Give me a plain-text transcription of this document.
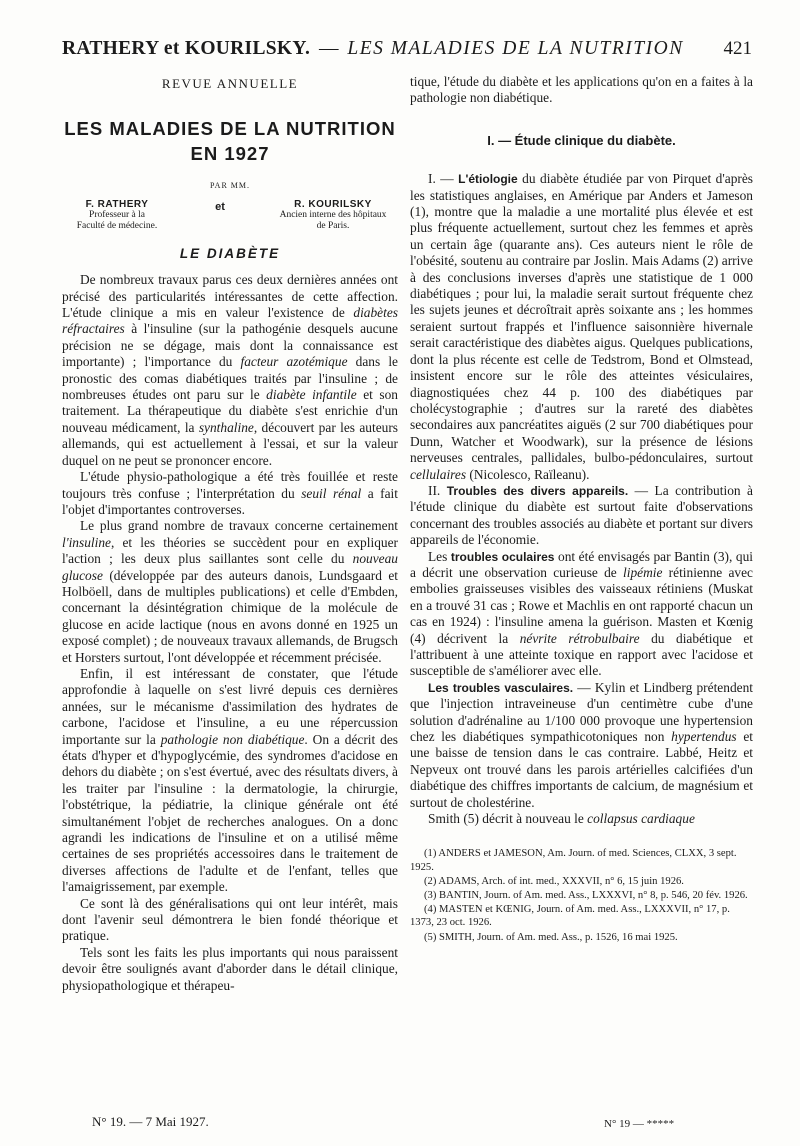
RATHERY et KOURILSKY. — LES MALADIES DE LA NUTRITION 421
REVUE ANNUELLE
LES MALADIES DE LA NUTRITION EN 1927
PAR MM.
F. RATHERY
Professeur à la
Faculté de médecine.
et	R. KOURILSKY
Ancien interne des hôpitaux
de Paris.
LE DIABÈTE

De nombreux travaux parus ces deux dernières années ont précisé des particularités intéressantes de cette affection. L'étude clinique a mis en valeur l'existence de diabètes réfractaires à l'insuline (sur la pathogénie desquels aucune précision ne se dégage, mais dont la connaissance est importante) ; l'importance du facteur azotémique dans le pronostic des comas diabétiques traités par l'insuline ; de nombreuses études ont paru sur le diabète infantile et son traitement. La thérapeutique du diabète s'est enrichie d'un nouveau médicament, la synthaline, découvert par les auteurs allemands, qui est actuellement à l'essai, et sur la valeur duquel on ne peut se prononcer encore.

L'étude physio-pathologique a été très fouillée et reste toujours très confuse ; l'interprétation du seuil rénal a fait l'objet d'importantes controverses.

Le plus grand nombre de travaux concerne certainement l'insuline, et les théories se succèdent pour en expliquer l'action ; les deux plus saillantes sont celle du nouveau glucose (développée par des auteurs danois, Lundsgaard et Holböell, dans de multiples publications) et celle d'Embden, concernant la désintégration chimique de la molécule de glucose en acide lactique (nous en avons donné en 1925 un exposé complet) ; de nouveaux travaux allemands, de Brugsch et Horsters surtout, l'ont développée et récemment précisée.

Enfin, il est intéressant de constater, que l'étude approfondie à laquelle on s'est livré depuis ces dernières années, sur le mécanisme d'assimilation des hydrates de carbone, l'acidose et l'insuline, a eu une répercussion importante sur la pathologie non diabétique. On a décrit des états d'hyper et d'hypoglycémie, des syndromes d'acidose en dehors du diabète ; on s'est évertué, avec des résultats divers, à les traiter par l'insuline : la dermatologie, la chirurgie, l'obstétrique, la pédiatrie, la clinique générale ont été simultanément l'objet de recherches analogues. On a donc agrandi les indications de l'insuline et on a utilisé même certaines de ses propriétés accessoires dans le traitement de diverses affections de l'adulte et de l'enfant, telles que l'amaigrissement, par exemple.

Ce sont là des généralisations qui ont leur intérêt, mais dont l'avenir seul démontrera le bien fondé théorique et pratique.

Tels sont les faits les plus importants qui nous paraissent devoir être soulignés avant d'aborder dans le détail clinique, physiopathologique et thérapeu-

tique, l'étude du diabète et les applications qu'on en a faites à la pathologie non diabétique.

I. — Étude clinique du diabète.

I. — L'étiologie du diabète étudiée par von Pirquet d'après les statistiques anglaises, en Amérique par Anders et Jameson (1), montre que la maladie a une mortalité plus élevée et est plus fréquente actuellement, surtout chez les femmes et après un certain âge (quarante ans). Ces auteurs nient le rôle de l'obésité, soutenu au contraire par Joslin. Mais Adams (2) arrive à des conclusions inverses d'après une statistique de 1 000 diabétiques ; pour lui, la maladie serait surtout fréquente chez les sujets jeunes et décroîtrait après soixante ans ; les hommes seraient surtout frappés et l'influence saisonnière hivernale serait caractéristique des diabètes aigus. Quelques publications, dont la plus récente est celle de Tedstrom, Bond et Olmstead, insistent encore sur le rôle des atteintes vésiculaires, diagnostiquées chez 44 p. 100 des diabétiques par cholécystographie ; d'autres sur la rareté des diabètes secondaires aux pancréatites aiguës (2 sur 700 diabétiques pour Dunn, Watcher et Woodwark), sur la présence de lésions nerveuses centrales, pallidales, bulbo-pédonculaires, surtout cellulaires (Nicolesco, Raïleanu).

II. Troubles des divers appareils. — La contribution à l'étude clinique du diabète est surtout faite d'observations concernant des troubles associés au diabète et portant sur divers appareils de l'économie.

Les troubles oculaires ont été envisagés par Bantin (3), qui a décrit une observation curieuse de lipémie rétinienne avec embolies graisseuses visibles des vaisseaux rétiniens (Muskat en a trouvé 31 cas ; Rowe et Machlis en ont rapporté chacun un cas en 1924) : l'insuline amena la guérison. Masten et Kœnig (4) décrivent la névrite rétrobulbaire du diabétique et l'attribuent à une atteinte toxique en rapport avec l'acidose et susceptible de s'améliorer avec elle.

Les troubles vasculaires. — Kylin et Lindberg prétendent que l'injection intraveineuse d'un centimètre cube d'une solution d'adrénaline au 1/100 000 provoque une hypertension chez les diabétiques sympathicotoniques non hypertendus et une baisse de tension dans le cas contraire. Labbé, Heitz et Nepveux ont trouvé dans les parois artérielles calcifiées d'un diabétique des chiffres importants de calcium, de magnésium et surtout de cholestérine.

Smith (5) décrit à nouveau le collapsus cardiaque

(1) ANDERS et JAMESON, Am. Journ. of med. Sciences, CLXX, 3 sept. 1925.

(2) ADAMS, Arch. of int. med., XXXVII, n° 6, 15 juin 1926.

(3) BANTIN, Journ. of Am. med. Ass., LXXXVI, n° 8, p. 546, 20 fév. 1926.

(4) MASTEN et KŒNIG, Journ. of Am. med. Ass., LXXXVII, n° 17, p. 1373, 23 oct. 1926.

(5) SMITH, Journ. of Am. med. Ass., p. 1526, 16 mai 1925.

N° 19. — 7 Mai 1927.	N° 19 — *****
